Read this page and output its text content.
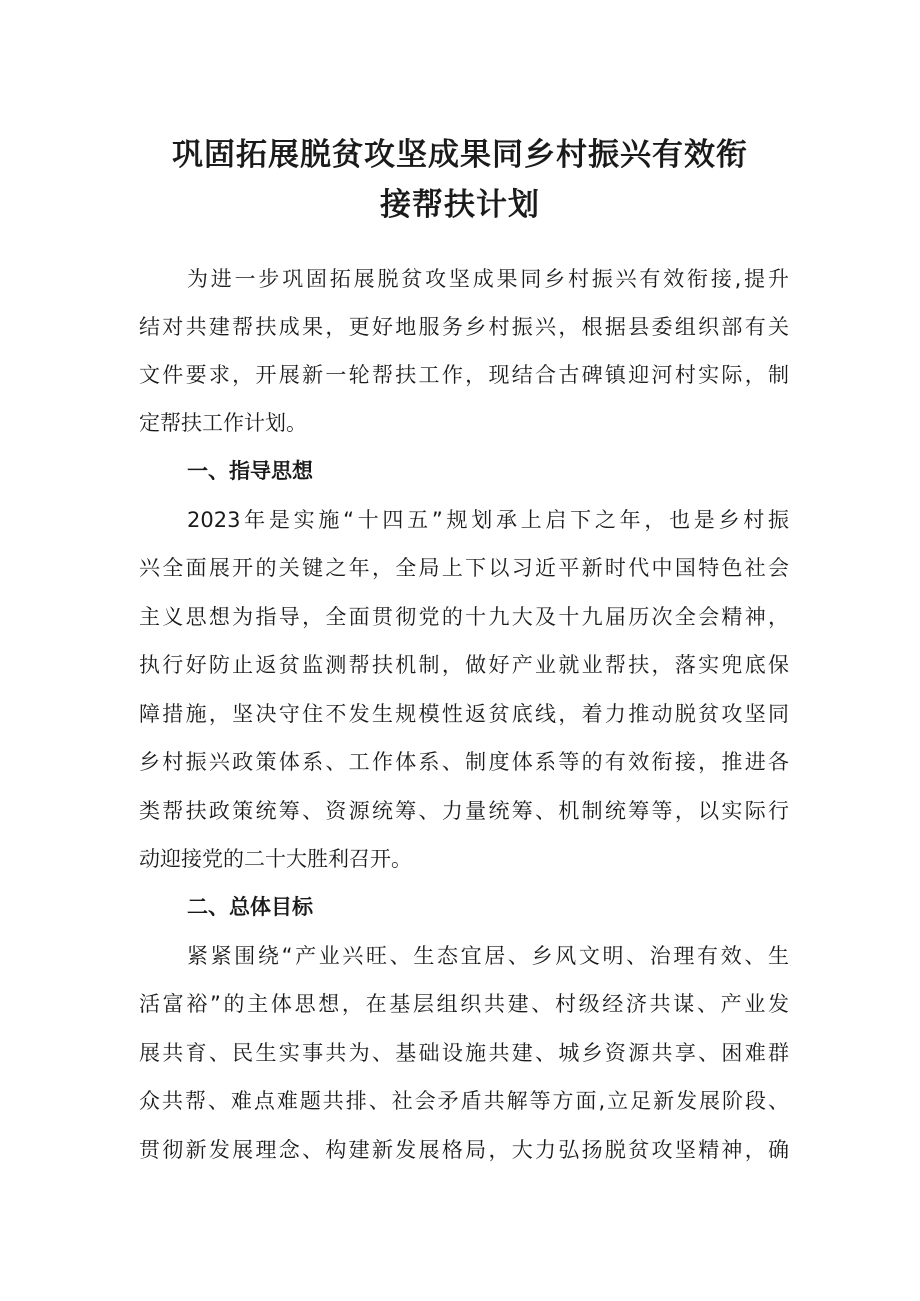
巩固拓展脱贫攻坚成果同乡村振兴有效衔
接帮扶计划
为进一步巩固拓展脱贫攻坚成果同乡村振兴有效衔接,提升
结对共建帮扶成果，更好地服务乡村振兴，根据县委组织部有关
文件要求，开展新一轮帮扶工作，现结合古碑镇迎河村实际，制
定帮扶工作计划。
一、指导思想
2023年是实施“十四五”规划承上启下之年，也是乡村振
兴全面展开的关键之年，全局上下以习近平新时代中国特色社会
主义思想为指导，全面贯彻党的十九大及十九届历次全会精神，
执行好防止返贫监测帮扶机制，做好产业就业帮扶，落实兜底保
障措施，坚决守住不发生规模性返贫底线，着力推动脱贫攻坚同
乡村振兴政策体系、工作体系、制度体系等的有效衔接，推进各
类帮扶政策统筹、资源统筹、力量统筹、机制统筹等，以实际行
动迎接党的二十大胜利召开。
二、总体目标
紧紧围绕“产业兴旺、生态宜居、乡风文明、治理有效、生
活富裕”的主体思想，在基层组织共建、村级经济共谋、产业发
展共育、民生实事共为、基础设施共建、城乡资源共享、困难群
众共帮、难点难题共排、社会矛盾共解等方面,立足新发展阶段、
贯彻新发展理念、构建新发展格局，大力弘扬脱贫攻坚精神，确
